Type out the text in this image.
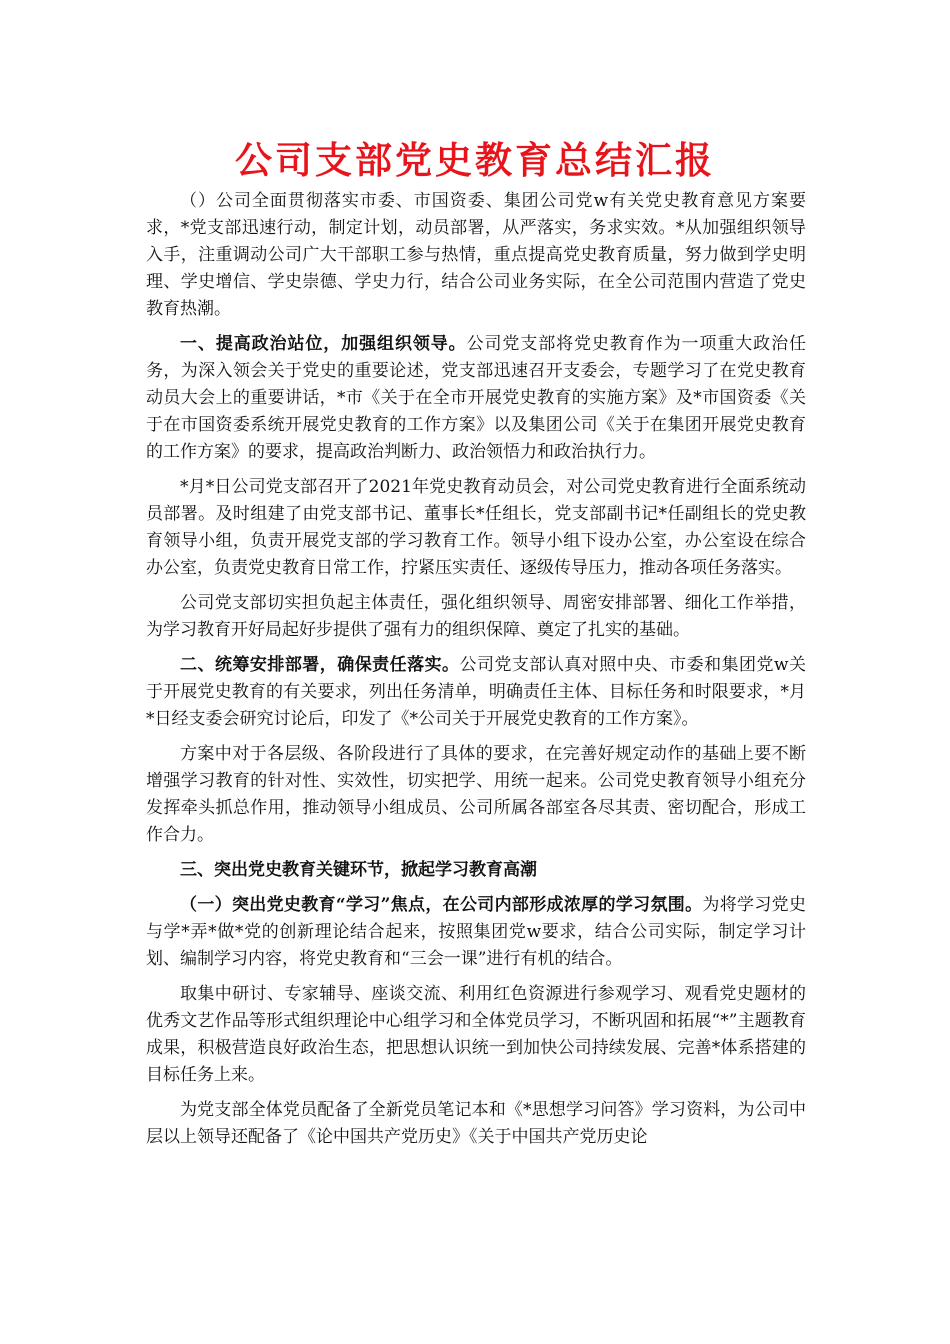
公司支部党史教育总结汇报

（）公司全面贯彻落实市委、市国资委、集团公司党w有关党史教育意见方案要求，*党支部迅速行动，制定计划，动员部署，从严落实，务求实效。*从加强组织领导入手，注重调动公司广大干部职工参与热情，重点提高党史教育质量，努力做到学史明理、学史增信、学史崇德、学史力行，结合公司业务实际，在全公司范围内营造了党史教育热潮。

一、提高政治站位，加强组织领导。公司党支部将党史教育作为一项重大政治任务，为深入领会关于党史的重要论述，党支部迅速召开支委会，专题学习了在党史教育动员大会上的重要讲话，*市《关于在全市开展党史教育的实施方案》及*市国资委《关于在市国资委系统开展党史教育的工作方案》以及集团公司《关于在集团开展党史教育的工作方案》的要求，提高政治判断力、政治领悟力和政治执行力。

*月*日公司党支部召开了2021年党史教育动员会，对公司党史教育进行全面系统动员部署。及时组建了由党支部书记、董事长*任组长，党支部副书记*任副组长的党史教育领导小组，负责开展党支部的学习教育工作。领导小组下设办公室，办公室设在综合办公室，负责党史教育日常工作，拧紧压实责任、逐级传导压力，推动各项任务落实。

公司党支部切实担负起主体责任，强化组织领导、周密安排部署、细化工作举措，为学习教育开好局起好步提供了强有力的组织保障、奠定了扎实的基础。

二、统筹安排部署，确保责任落实。公司党支部认真对照中央、市委和集团党w关于开展党史教育的有关要求，列出任务清单，明确责任主体、目标任务和时限要求，*月*日经支委会研究讨论后，印发了《*公司关于开展党史教育的工作方案》。

方案中对于各层级、各阶段进行了具体的要求，在完善好规定动作的基础上要不断增强学习教育的针对性、实效性，切实把学、用统一起来。公司党史教育领导小组充分发挥牵头抓总作用，推动领导小组成员、公司所属各部室各尽其责、密切配合，形成工作合力。

三、突出党史教育关键环节，掀起学习教育高潮

（一）突出党史教育“学习”焦点，在公司内部形成浓厚的学习氛围。为将学习党史与学*弄*做*党的创新理论结合起来，按照集团党w要求，结合公司实际，制定学习计划、编制学习内容，将党史教育和“三会一课”进行有机的结合。

取集中研讨、专家辅导、座谈交流、利用红色资源进行参观学习、观看党史题材的优秀文艺作品等形式组织理论中心组学习和全体党员学习，不断巩固和拓展“*”主题教育成果，积极营造良好政治生态，把思想认识统一到加快公司持续发展、完善*体系搭建的目标任务上来。

为党支部全体党员配备了全新党员笔记本和《*思想学习问答》学习资料，为公司中层以上领导还配备了《论中国共产党历史》《关于中国共产党历史论
